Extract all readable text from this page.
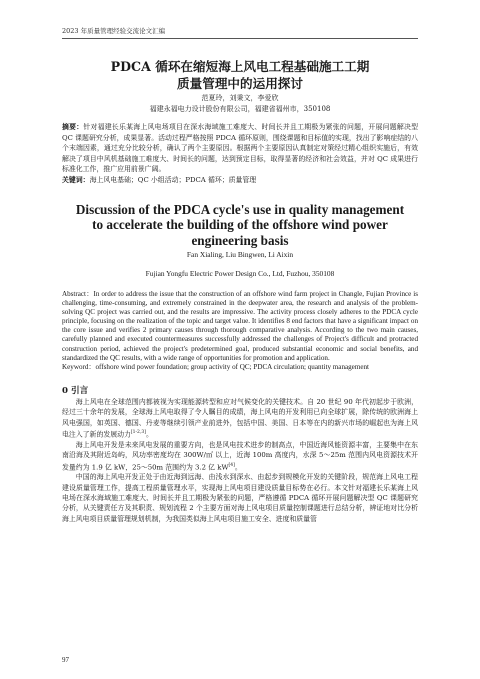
2023 年质量管理经验交流论文汇编
PDCA 循环在缩短海上风电工程基础施工工期
质量管理中的运用探讨
范夏玲，刘秉文，李爱欣
福建永福电力设计股份有限公司，福建省福州市，350108
摘要：针对福建长乐某海上风电场项目在深水海域施工难度大、时间长并且工期极为紧张的问题，开展问题解决型 QC 课题研究分析，成果显著。活动过程严格按照 PDCA 循环原则，围绕课题和目标值的实现，找出了影响症结的八个末端因素，通过充分比较分析，确认了两个主要原因。根据两个主要原因认真制定对策经过精心组织实施后，有效解决了项目中风机基础施工难度大、时间长的问题，达到预定目标，取得显著的经济和社会效益，并对 QC 成果进行标准化工作，推广应用前景广阔。
关键词：海上风电基础；QC 小组活动；PDCA 循环；质量管理
Discussion of the PDCA cycle's use in quality management
to accelerate the building of the offshore wind power
engineering basis
Fan Xialing, Liu Bingwen, Li Aixin
Fujian Yongfu Electric Power Design Co., Ltd, Fuzhou, 350108
Abstract：In order to address the issue that the construction of an offshore wind farm project in Changle, Fujian Province is challenging, time-consuming, and extremely constrained in the deepwater area, the research and analysis of the problem-solving QC project was carried out, and the results are impressive. The activity process closely adheres to the PDCA cycle principle, focusing on the realization of the topic and target value. It identifies 8 end factors that have a significant impact on the core issue and verifies 2 primary causes through thorough comparative analysis. According to the two main causes, carefully planned and executed countermeasures successfully addressed the challenges of Project's difficult and protracted construction period, achieved the project's predetermined goal, produced substantial economic and social benefits, and standardized the QC results, with a wide range of opportunities for promotion and application.
Keyword：offshore wind power foundation; group activity of QC; PDCA circulation; quantity management
0 引言

海上风电在全球范围内都被视为实现能源转型和应对气候变化的关键技术。自 20 世纪 90 年代初起步于欧洲，经过三十余年的发展，全球海上风电取得了令人瞩目的成绩，海上风电的开发利用已向全球扩展，除传统的欧洲海上风电强国，如英国、德国、丹麦等继续引领产业前进外，包括中国、美国、日本等在内的新兴市场的崛起也为海上风电注入了新的发展动力[1-2,3]。

海上风电开发是未来风电发展的重要方向，也是风电技术进步的制高点，中国近海风能资源丰富，主要集中在东南沿海及其附近岛屿，风功率密度均在 300W/㎡ 以上，近海 100m 高度内，水深 5～25m 范围内风电资源技术开发量约为 1.9 亿 kW，25～50m 范围约为 3.2 亿 kW[4]。

中国的海上风电开发正处于由近海到远海、由浅水到深水、由起步到规模化开发的关键阶段，规范海上风电工程建设质量管理工作，提高工程质量管理水平，实现海上风电项目建设质量目标势在必行。本文针对福建长乐某海上风电场在深水海域施工难度大、时间长并且工期极为紧张的问题，严格遵循 PDCA 循环开展问题解决型 QC 课题研究分析，从关键责任方及其职责、规划流程 2 个主要方面对海上风电项目质量控制课题进行总结分析，辨证地对比分析海上风电项目质量管理规划机制，为我国类似海上风电项目施工安全、进度和质量管

97
